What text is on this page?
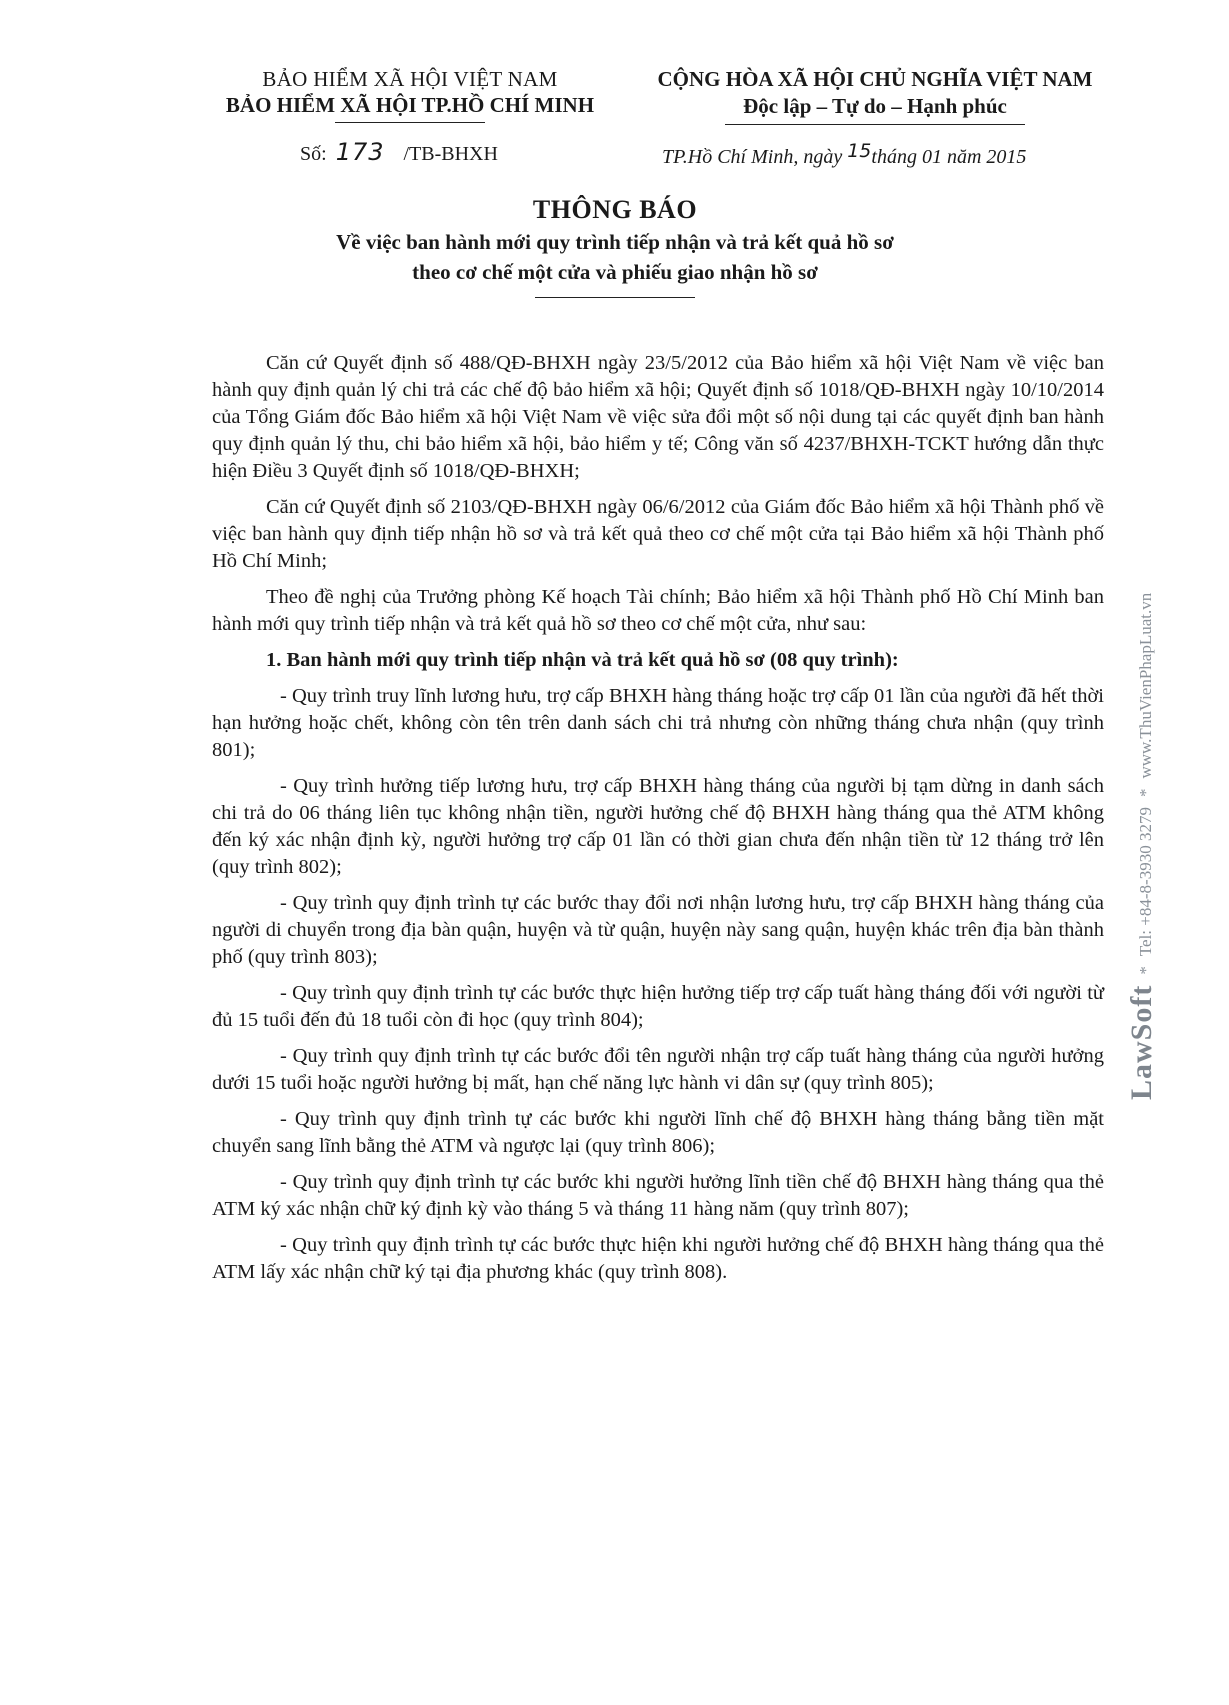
BẢO HIỂM XÃ HỘI VIỆT NAM
BẢO HIỂM XÃ HỘI TP.HỒ CHÍ MINH
CỘNG HÒA XÃ HỘI CHỦ NGHĨA VIỆT NAM
Độc lập – Tự do – Hạnh phúc
Số: 173 /TB-BHXH	TP.Hồ Chí Minh, ngày 15tháng 01 năm 2015
THÔNG BÁO
Về việc ban hành mới quy trình tiếp nhận và trả kết quả hồ sơ
theo cơ chế một cửa và phiếu giao nhận hồ sơ

Căn cứ Quyết định số 488/QĐ-BHXH ngày 23/5/2012 của Bảo hiểm xã hội Việt Nam về việc ban hành quy định quản lý chi trả các chế độ bảo hiểm xã hội; Quyết định số 1018/QĐ-BHXH ngày 10/10/2014 của Tổng Giám đốc Bảo hiểm xã hội Việt Nam về việc sửa đổi một số nội dung tại các quyết định ban hành quy định quản lý thu, chi bảo hiểm xã hội, bảo hiểm y tế; Công văn số 4237/BHXH-TCKT hướng dẫn thực hiện Điều 3 Quyết định số 1018/QĐ-BHXH;

Căn cứ Quyết định số 2103/QĐ-BHXH ngày 06/6/2012 của Giám đốc Bảo hiểm xã hội Thành phố về việc ban hành quy định tiếp nhận hồ sơ và trả kết quả theo cơ chế một cửa tại Bảo hiểm xã hội Thành phố Hồ Chí Minh;

Theo đề nghị của Trưởng phòng Kế hoạch Tài chính; Bảo hiểm xã hội Thành phố Hồ Chí Minh ban hành mới quy trình tiếp nhận và trả kết quả hồ sơ theo cơ chế một cửa, như sau:

1. Ban hành mới quy trình tiếp nhận và trả kết quả hồ sơ (08 quy trình):

- Quy trình truy lĩnh lương hưu, trợ cấp BHXH hàng tháng hoặc trợ cấp 01 lần của người đã hết thời hạn hưởng hoặc chết, không còn tên trên danh sách chi trả nhưng còn những tháng chưa nhận (quy trình 801);

- Quy trình hưởng tiếp lương hưu, trợ cấp BHXH hàng tháng của người bị tạm dừng in danh sách chi trả do 06 tháng liên tục không nhận tiền, người hưởng chế độ BHXH hàng tháng qua thẻ ATM không đến ký xác nhận định kỳ, người hưởng trợ cấp 01 lần có thời gian chưa đến nhận tiền từ 12 tháng trở lên (quy trình 802);

- Quy trình quy định trình tự các bước thay đổi nơi nhận lương hưu, trợ cấp BHXH hàng tháng của người di chuyển trong địa bàn quận, huyện và từ quận, huyện này sang quận, huyện khác trên địa bàn thành phố (quy trình 803);

- Quy trình quy định trình tự các bước thực hiện hưởng tiếp trợ cấp tuất hàng tháng đối với người từ đủ 15 tuổi đến đủ 18 tuổi còn đi học (quy trình 804);

- Quy trình quy định trình tự các bước đổi tên người nhận trợ cấp tuất hàng tháng của người hưởng dưới 15 tuổi hoặc người hưởng bị mất, hạn chế năng lực hành vi dân sự (quy trình 805);

- Quy trình quy định trình tự các bước khi người lĩnh chế độ BHXH hàng tháng bằng tiền mặt chuyển sang lĩnh bằng thẻ ATM và ngược lại (quy trình 806);

- Quy trình quy định trình tự các bước khi người hưởng lĩnh tiền chế độ BHXH hàng tháng qua thẻ ATM ký xác nhận chữ ký định kỳ vào tháng 5 và tháng 11 hàng năm (quy trình 807);

- Quy trình quy định trình tự các bước thực hiện khi người hưởng chế độ BHXH hàng tháng qua thẻ ATM lấy xác nhận chữ ký tại địa phương khác (quy trình 808).

LawSoft*Tel: +84-8-3930 3279*www.ThuVienPhapLuat.vn
